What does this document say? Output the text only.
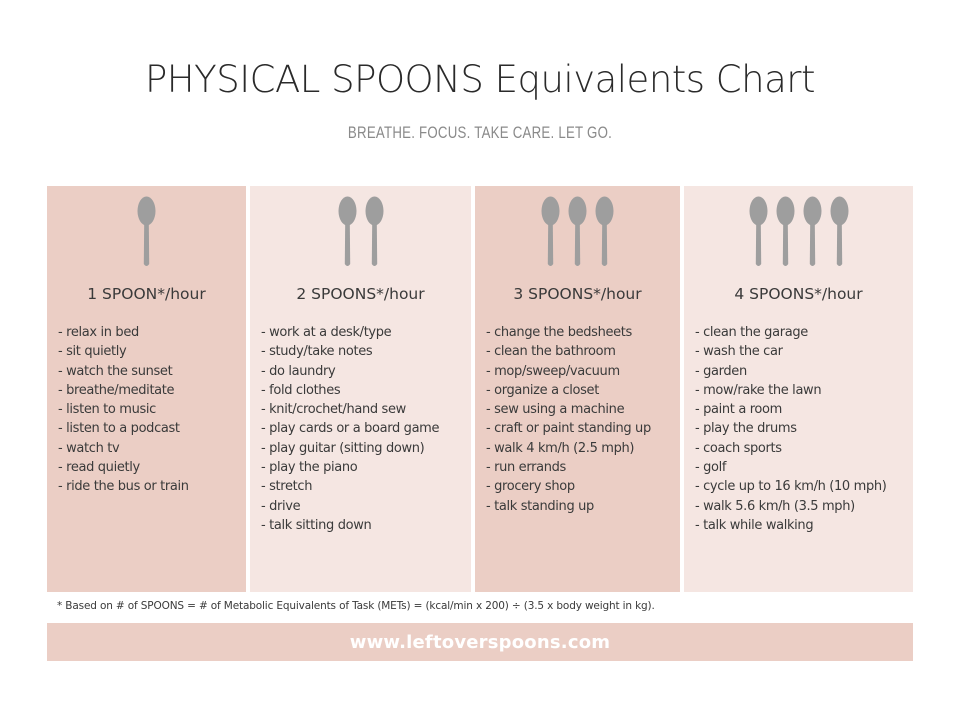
PHYSICAL SPOONS Equivalents Chart
BREATHE. FOCUS. TAKE CARE. LET GO.
1 SPOON*/hour
- relax in bed
- sit quietly
- watch the sunset
- breathe/meditate
- listen to music
- listen to a podcast
- watch tv
- read quietly
- ride the bus or train
2 SPOONS*/hour
- work at a desk/type
- study/take notes
- do laundry
- fold clothes
- knit/crochet/hand sew
- play cards or a board game
- play guitar (sitting down)
- play the piano
- stretch
- drive
- talk sitting down
3 SPOONS*/hour
- change the bedsheets
- clean the bathroom
- mop/sweep/vacuum
- organize a closet
- sew using a machine
- craft or paint standing up
- walk 4 km/h (2.5 mph)
- run errands
- grocery shop
- talk standing up
4 SPOONS*/hour
- clean the garage
- wash the car
- garden
- mow/rake the lawn
- paint a room
- play the drums
- coach sports
- golf
- cycle up to 16 km/h (10 mph)
- walk 5.6 km/h (3.5 mph)
- talk while walking
* Based on # of SPOONS = # of Metabolic Equivalents of Task (METs) = (kcal/min x 200) ÷ (3.5 x body weight in kg).
www.leftoverspoons.com
